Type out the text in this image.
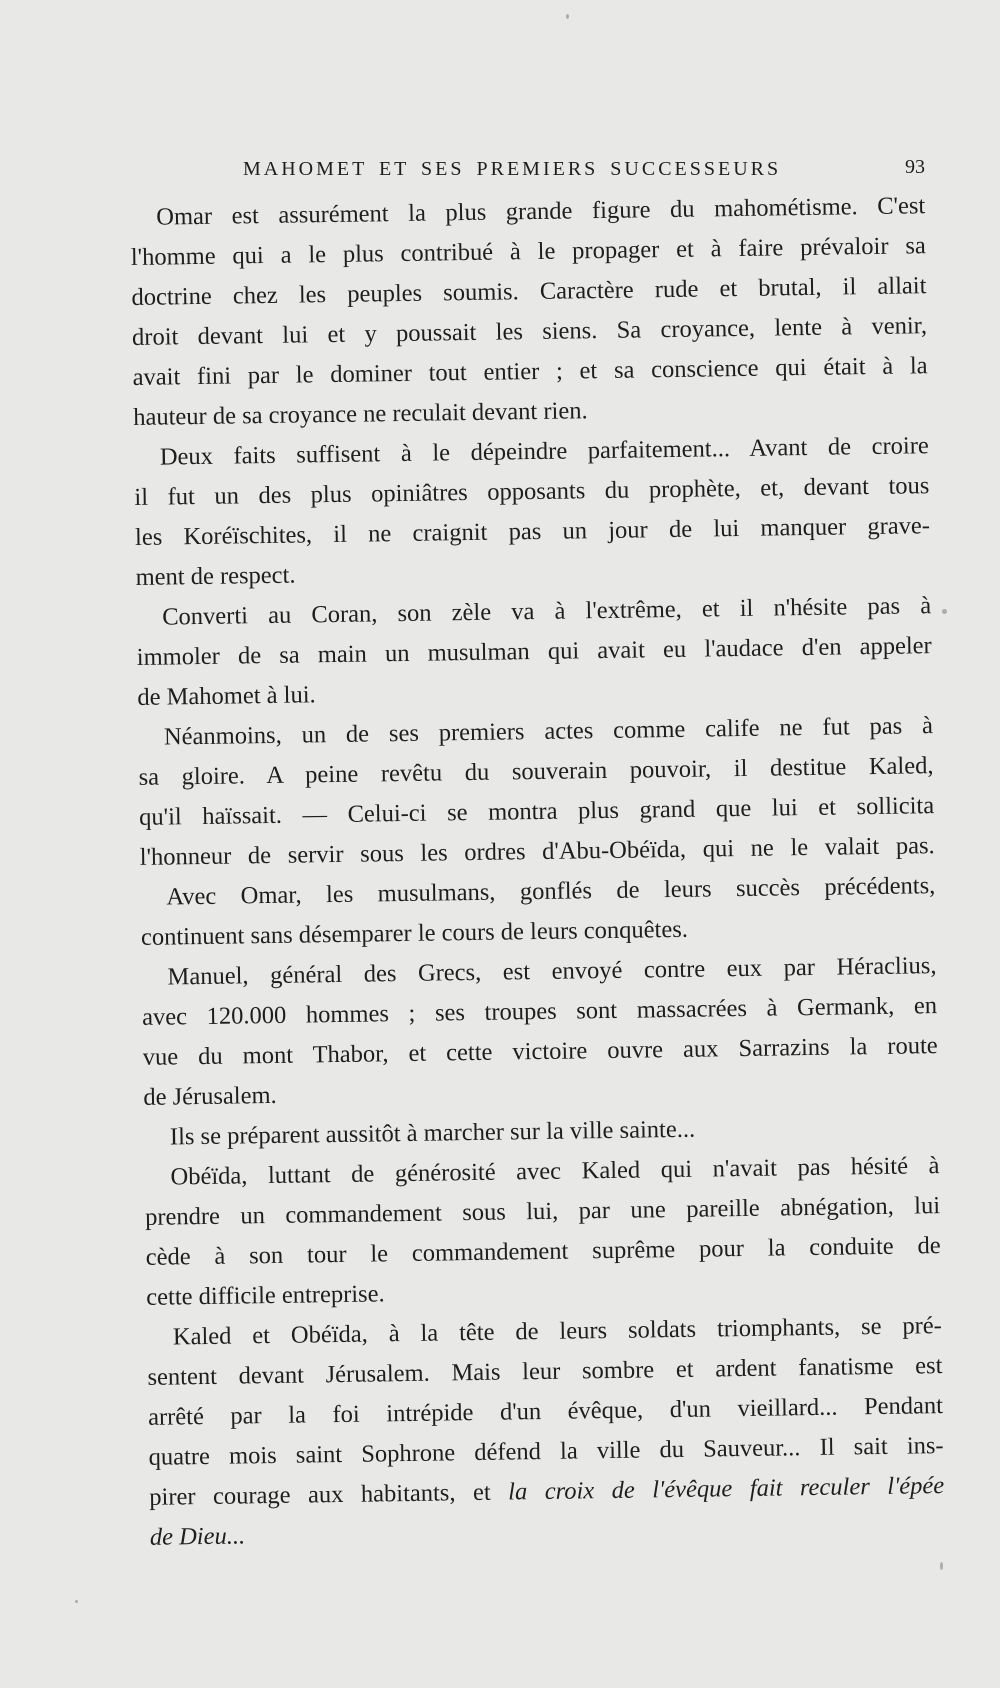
MAHOMET ET SES PREMIERS SUCCESSEURS	93
Omar est assurément la plus grande figure du mahométisme. C'est
l'homme qui a le plus contribué à le propager et à faire prévaloir sa
doctrine chez les peuples soumis. Caractère rude et brutal, il allait
droit devant lui et y poussait les siens. Sa croyance, lente à venir,
avait fini par le dominer tout entier ; et sa conscience qui était à la
hauteur de sa croyance ne reculait devant rien.
Deux faits suffisent à le dépeindre parfaitement... Avant de croire
il fut un des plus opiniâtres opposants du prophète, et, devant tous
les Koréïschites, il ne craignit pas un jour de lui manquer grave-
ment de respect.
Converti au Coran, son zèle va à l'extrême, et il n'hésite pas à
immoler de sa main un musulman qui avait eu l'audace d'en appeler
de Mahomet à lui.
Néanmoins, un de ses premiers actes comme calife ne fut pas à
sa gloire. A peine revêtu du souverain pouvoir, il destitue Kaled,
qu'il haïssait. — Celui-ci se montra plus grand que lui et sollicita
l'honneur de servir sous les ordres d'Abu-Obéïda, qui ne le valait pas.
Avec Omar, les musulmans, gonflés de leurs succès précédents,
continuent sans désemparer le cours de leurs conquêtes.
Manuel, général des Grecs, est envoyé contre eux par Héraclius,
avec 120.000 hommes ; ses troupes sont massacrées à Germank, en
vue du mont Thabor, et cette victoire ouvre aux Sarrazins la route
de Jérusalem.
Ils se préparent aussitôt à marcher sur la ville sainte...
Obéïda, luttant de générosité avec Kaled qui n'avait pas hésité à
prendre un commandement sous lui, par une pareille abnégation, lui
cède à son tour le commandement suprême pour la conduite de
cette difficile entreprise.
Kaled et Obéïda, à la tête de leurs soldats triomphants, se pré-
sentent devant Jérusalem. Mais leur sombre et ardent fanatisme est
arrêté par la foi intrépide d'un évêque, d'un vieillard... Pendant
quatre mois saint Sophrone défend la ville du Sauveur... Il sait ins-
pirer courage aux habitants, et la croix de l'évêque fait reculer l'épée
de Dieu...
